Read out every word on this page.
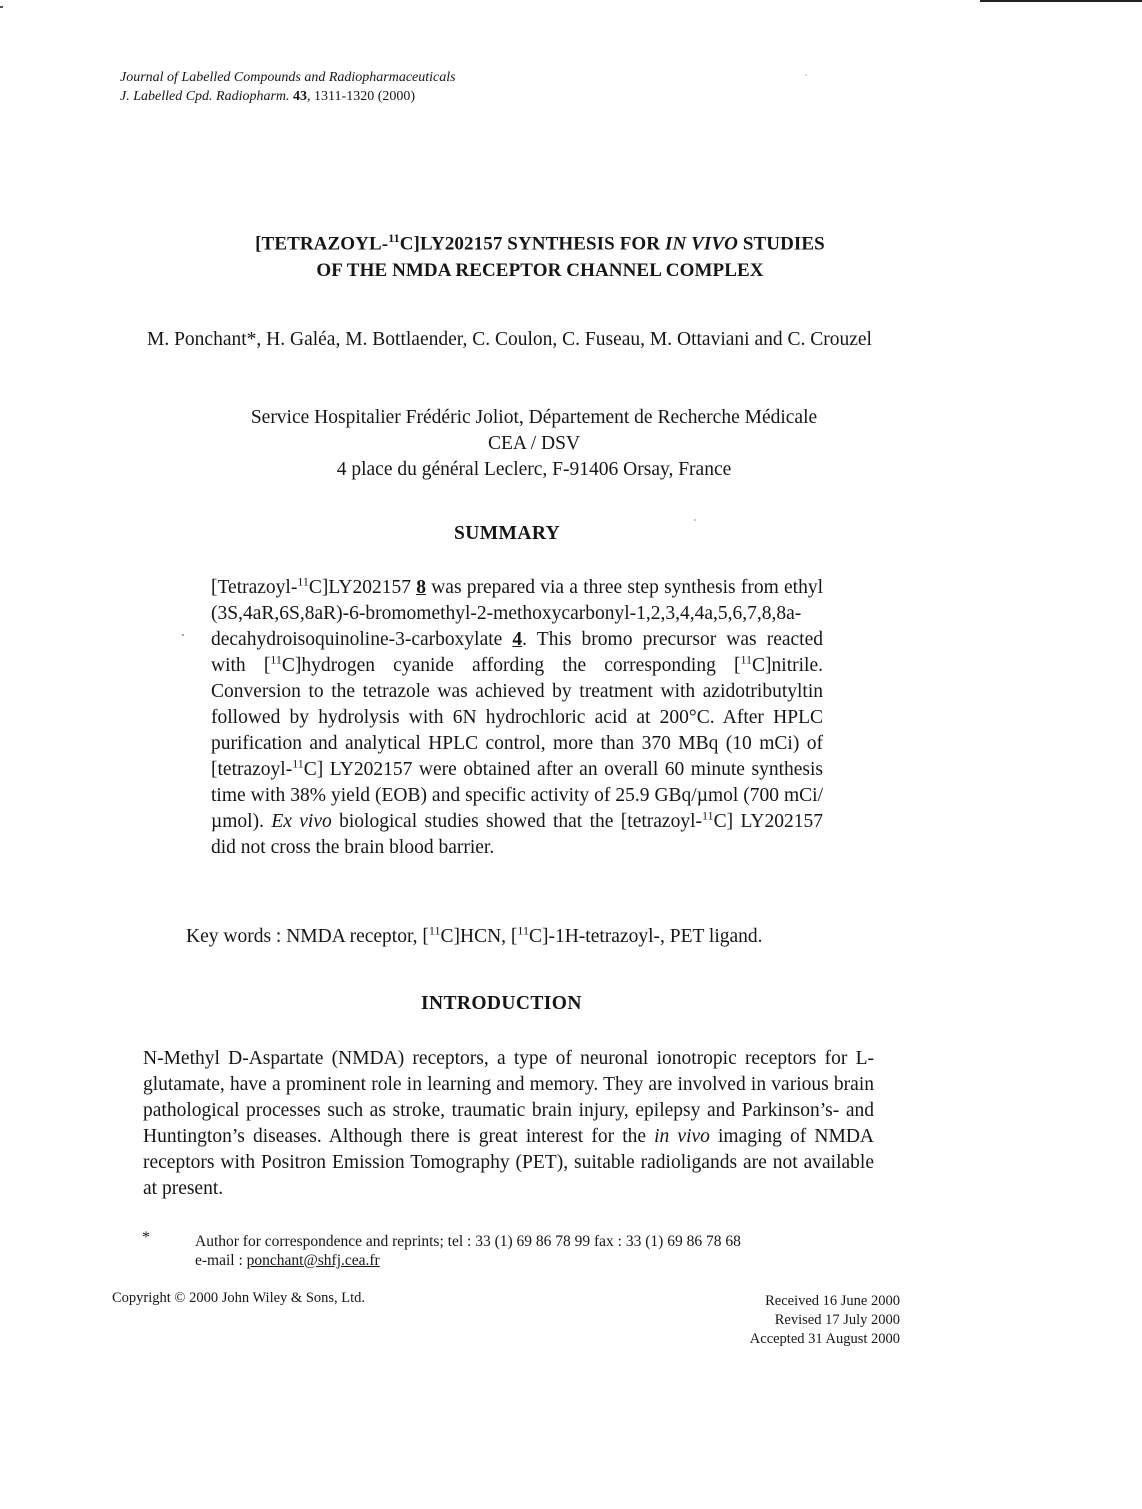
Journal of Labelled Compounds and Radiopharmaceuticals
J. Labelled Cpd. Radiopharm. 43, 1311-1320 (2000)
[TETRAZOYL-$^{11}$C]LY202157 SYNTHESIS FOR IN VIVO STUDIES
OF THE NMDA RECEPTOR CHANNEL COMPLEX
M. Ponchant*, H. Galéa, M. Bottlaender, C. Coulon, C. Fuseau, M. Ottaviani and C. Crouzel
Service Hospitalier Frédéric Joliot, Département de Recherche Médicale
CEA / DSV
4 place du général Leclerc, F-91406 Orsay, France
SUMMARY
[Tetrazoyl-$^{11}$C]LY202157 8 was prepared via a three step synthesis from ethyl (3S,4aR,6S,8aR)-6-bromomethyl-2-methoxycarbonyl-1,2,3,4,4a,5,6,7,8,8a-decahydroisoquinoline-3-carboxylate 4. This bromo precursor was reacted with [$^{11}$C]hydrogen cyanide affording the corresponding [$^{11}$C]nitrile. Conversion to the tetrazole was achieved by treatment with azidotributyltin followed by hydrolysis with 6N hydrochloric acid at 200°C. After HPLC purification and analytical HPLC control, more than 370 MBq (10 mCi) of [tetrazoyl-$^{11}$C] LY202157 were obtained after an overall 60 minute synthesis time with 38% yield (EOB) and specific activity of 25.9 GBq/µmol (700 mCi/µmol). Ex vivo biological studies showed that the [tetrazoyl-$^{11}$C] LY202157 did not cross the brain blood barrier.
Key words : NMDA receptor, [$^{11}$C]HCN, [$^{11}$C]-1H-tetrazoyl-, PET ligand.
INTRODUCTION
N-Methyl D-Aspartate (NMDA) receptors, a type of neuronal ionotropic receptors for L-glutamate, have a prominent role in learning and memory. They are involved in various brain pathological processes such as stroke, traumatic brain injury, epilepsy and Parkinson’s- and Huntington’s diseases. Although there is great interest for the in vivo imaging of NMDA receptors with Positron Emission Tomography (PET), suitable radioligands are not available at present.
*	Author for correspondence and reprints; tel : 33 (1) 69 86 78 99 fax : 33 (1) 69 86 78 68
e-mail : ponchant@shfj.cea.fr
Copyright © 2000 John Wiley & Sons, Ltd.	Received 16 June 2000
Revised 17 July 2000
Accepted 31 August 2000
